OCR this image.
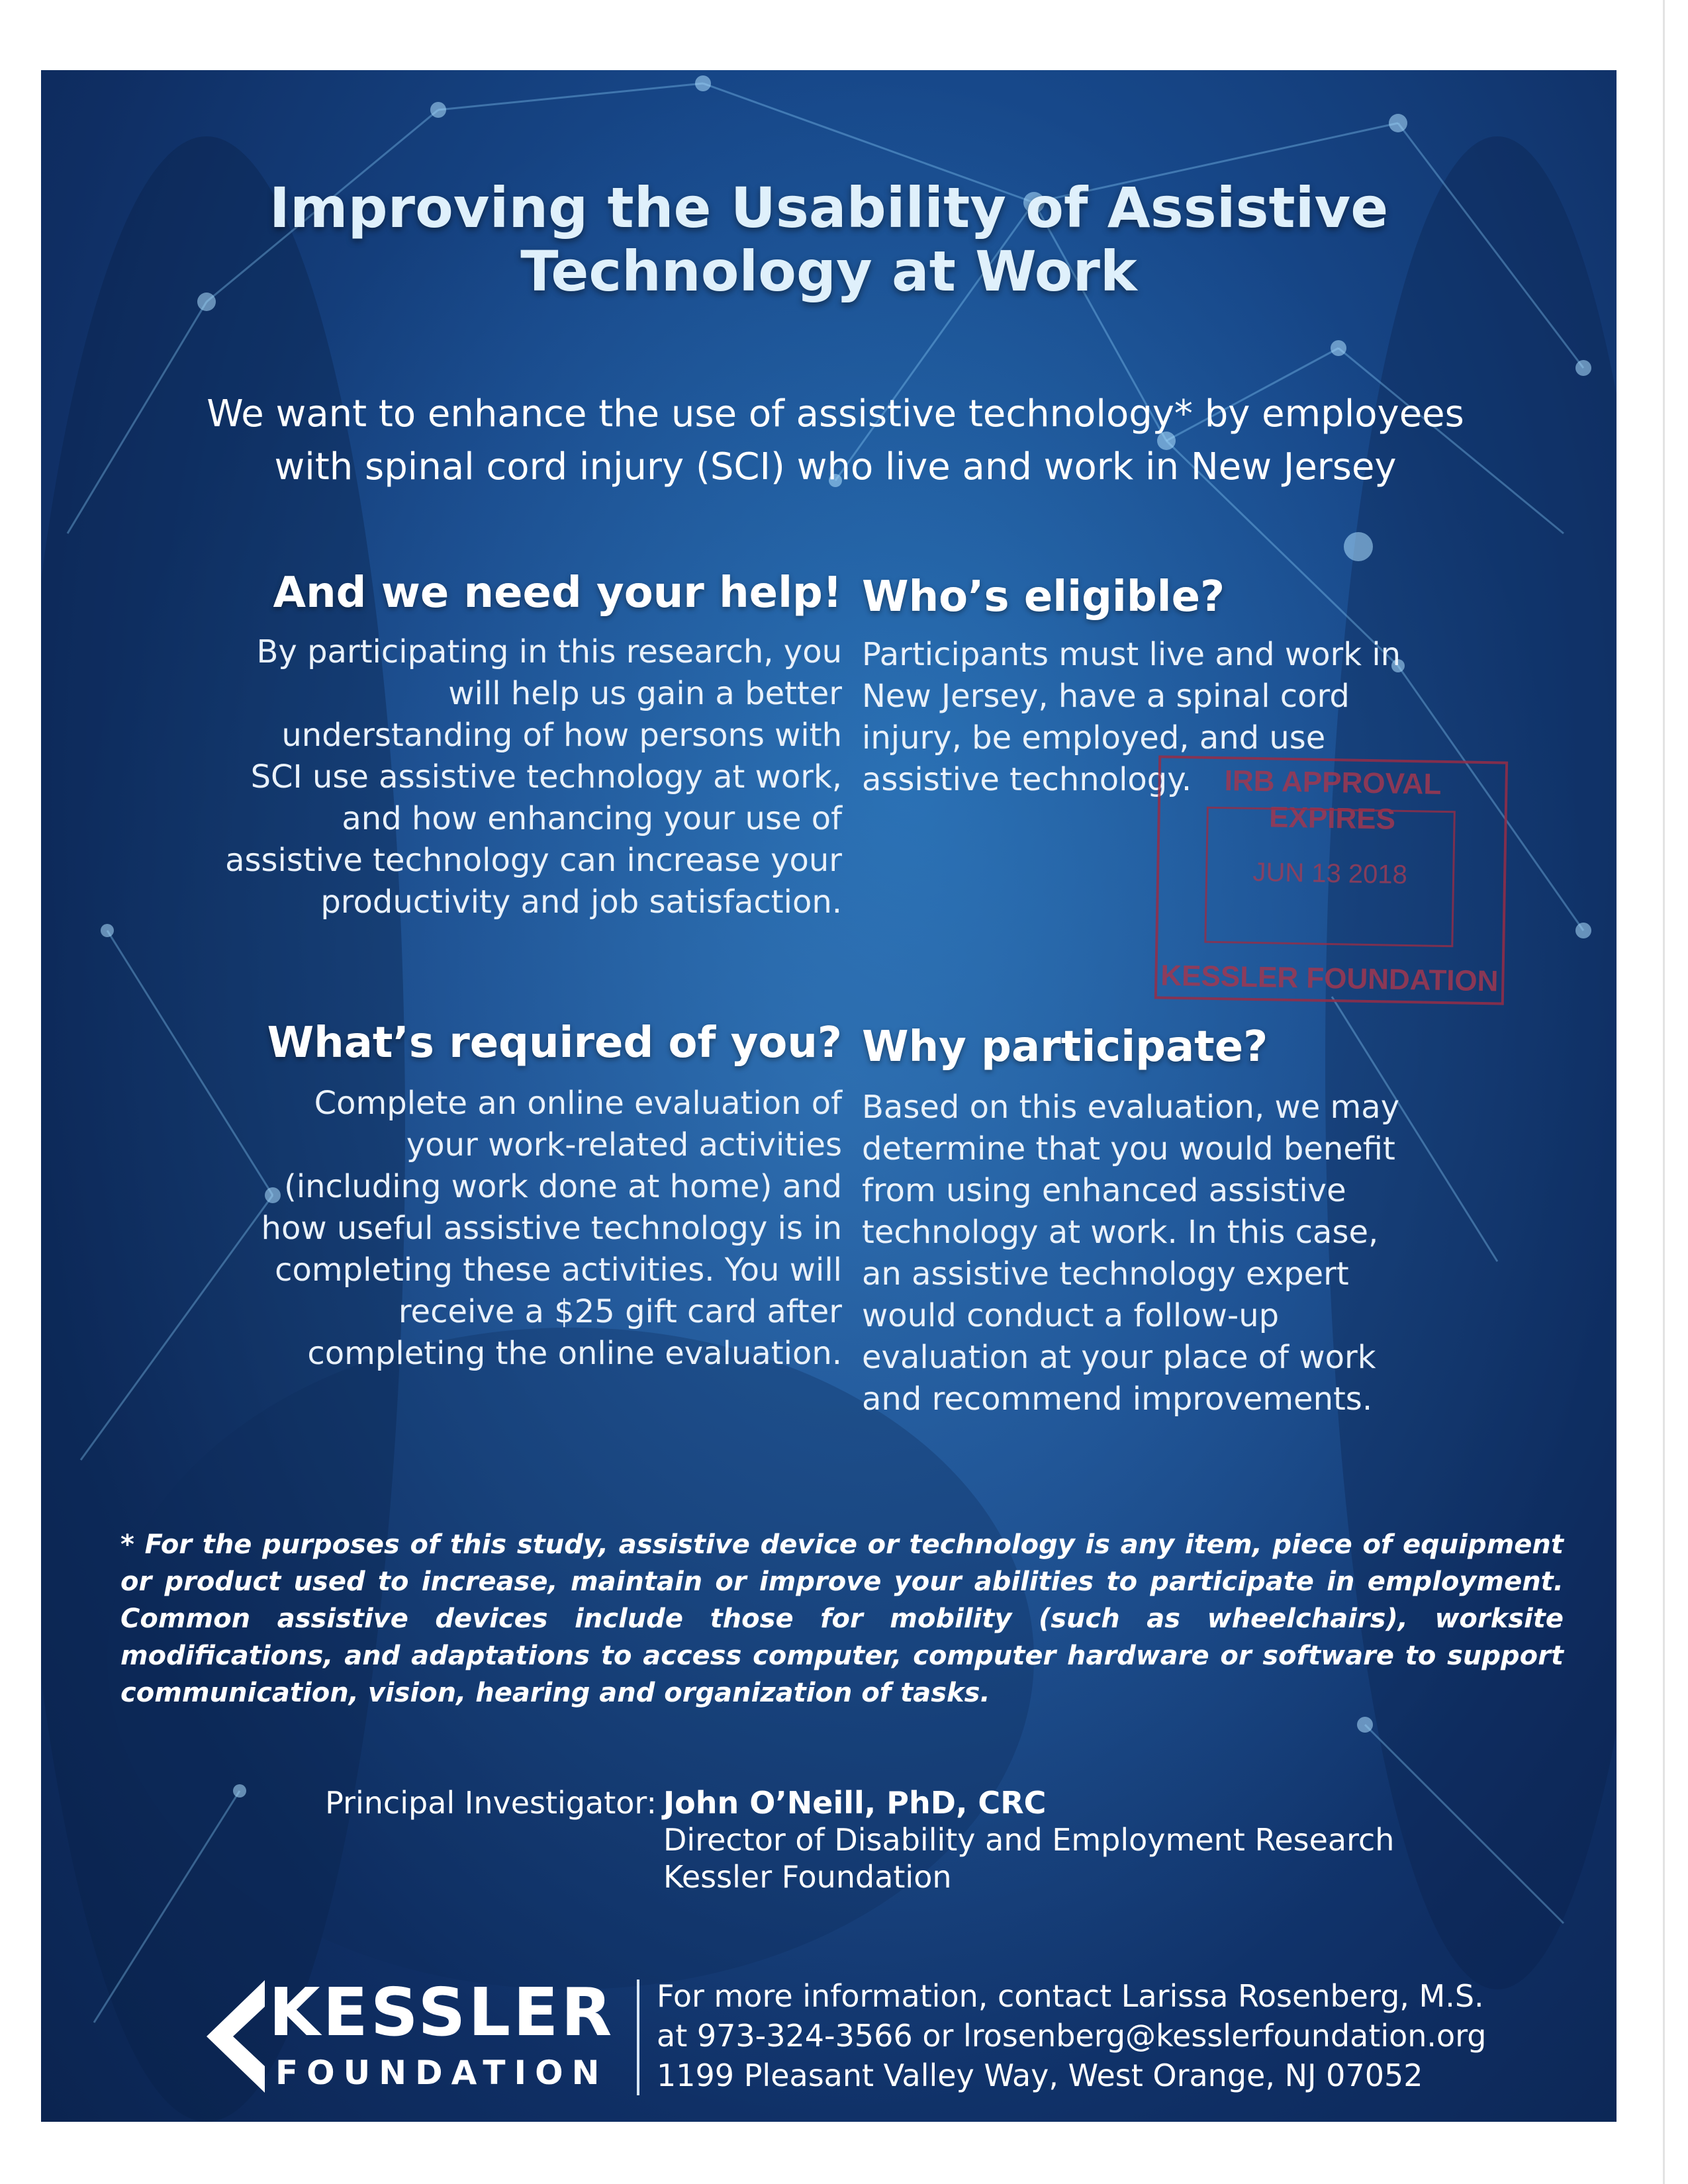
Improving the Usability of Assistive
Technology at Work
We want to enhance the use of assistive technology* by employees with spinal cord injury (SCI) who live and work in New Jersey
And we need your help!
By participating in this research, you
will help us gain a better
understanding of how persons with
SCI use assistive technology at work,
and how enhancing your use of
assistive technology can increase your
productivity and job satisfaction.
Who’s eligible?
Participants must live and work in
New Jersey, have a spinal cord
injury, be employed, and use
assistive technology.
What’s required of you?
Complete an online evaluation of
your work-related activities
(including work done at home) and
how useful assistive technology is in
completing these activities. You will
receive a $25 gift card after
completing the online evaluation.
Why participate?
Based on this evaluation, we may
determine that you would benefit
from using enhanced assistive
technology at work. In this case,
an assistive technology expert
would conduct a follow-up
evaluation at your place of work
and recommend improvements.
* For the purposes of this study, assistive device or technology is any item, piece of equipment or product used to increase, maintain or improve your abilities to participate in employment. Common assistive devices include those for mobility (such as wheelchairs), worksite modifications, and adaptations to access computer, computer hardware or software to support communication, vision, hearing and organization of tasks.
Principal Investigator: John O’Neill, PhD, CRC
Director of Disability and Employment Research
Kessler Foundation
KESSLER
FOUNDATION
For more information, contact Larissa Rosenberg, M.S.
at 973-324-3566 or lrosenberg@kesslerfoundation.org
1199 Pleasant Valley Way, West Orange, NJ 07052
IRB APPROVAL EXPIRES
JUN 13 2018
KESSLER FOUNDATION
